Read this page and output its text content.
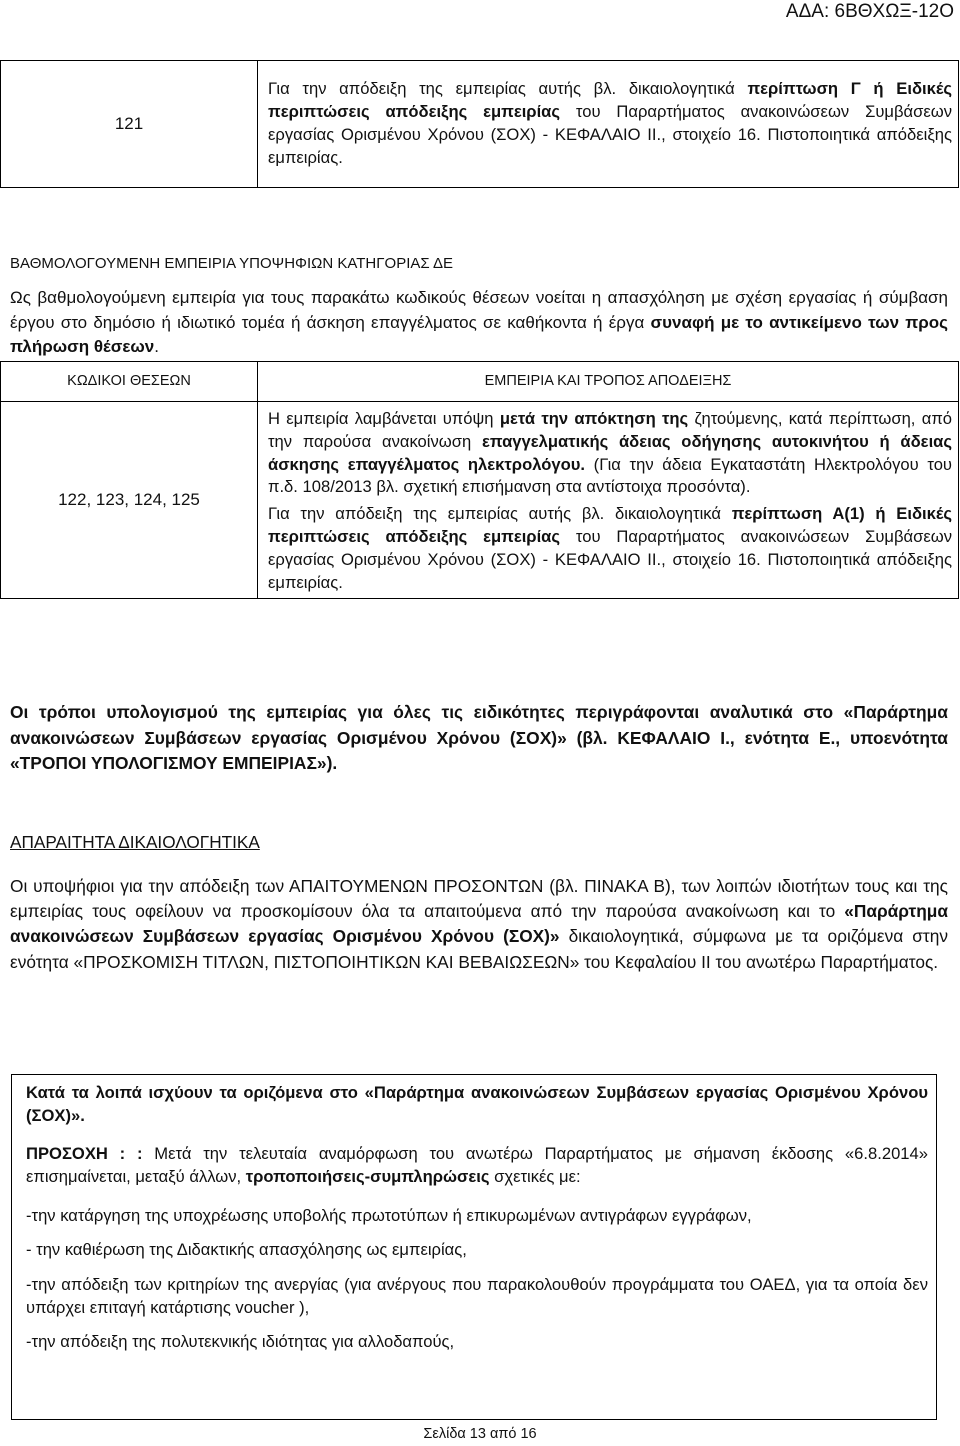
ΑΔΑ: 6ΒΘΧΩΞ-12Ο
121	Για την απόδειξη της εμπειρίας αυτής βλ. δικαιολογητικά περίπτωση Γ ή Ειδικές περιπτώσεις απόδειξης εμπειρίας του Παραρτήματος ανακοινώσεων Συμβάσεων εργασίας Ορισμένου Χρόνου (ΣΟΧ) - ΚΕΦΑΛΑΙΟ ΙΙ., στοιχείο 16. Πιστοποιητικά απόδειξης εμπειρίας.
ΒΑΘΜΟΛΟΓΟΥΜΕΝΗ ΕΜΠΕΙΡΙΑ ΥΠΟΨΗΦΙΩΝ ΚΑΤΗΓΟΡΙΑΣ ΔΕ
Ως βαθμολογούμενη εμπειρία για τους παρακάτω κωδικούς θέσεων νοείται η απασχόληση με σχέση εργασίας ή σύμβαση έργου στο δημόσιο ή ιδιωτικό τομέα ή άσκηση επαγγέλματος σε καθήκοντα ή έργα συναφή με το αντικείμενο των προς πλήρωση θέσεων.
ΚΩΔΙΚΟΙ ΘΕΣΕΩΝ	ΕΜΠΕΙΡΙΑ ΚΑΙ ΤΡΟΠΟΣ ΑΠΟΔΕΙΞΗΣ
122, 123, 124, 125	Η εμπειρία λαμβάνεται υπόψη μετά την απόκτηση της ζητούμενης, κατά περίπτωση, από την παρούσα ανακοίνωση επαγγελματικής άδειας οδήγησης αυτοκινήτου ή άδειας άσκησης επαγγέλματος ηλεκτρολόγου. (Για την άδεια Εγκαταστάτη Ηλεκτρολόγου του π.δ. 108/2013 βλ. σχετική επισήμανση στα αντίστοιχα προσόντα).

Για την απόδειξη της εμπειρίας αυτής βλ. δικαιολογητικά περίπτωση Α(1) ή Ειδικές περιπτώσεις απόδειξης εμπειρίας του Παραρτήματος ανακοινώσεων Συμβάσεων εργασίας Ορισμένου Χρόνου (ΣΟΧ) - ΚΕΦΑΛΑΙΟ ΙΙ., στοιχείο 16. Πιστοποιητικά απόδειξης εμπειρίας.

Οι τρόποι υπολογισμού της εμπειρίας για όλες τις ειδικότητες περιγράφονται αναλυτικά στο «Παράρτημα ανακοινώσεων Συμβάσεων εργασίας Ορισμένου Χρόνου (ΣΟΧ)» (βλ. ΚΕΦΑΛΑΙΟ Ι., ενότητα Ε., υποενότητα «ΤΡΟΠΟΙ ΥΠΟΛΟΓΙΣΜΟΥ ΕΜΠΕΙΡΙΑΣ»).
ΑΠΑΡΑΙΤΗΤΑ ΔΙΚΑΙΟΛΟΓΗΤΙΚΑ
Οι υποψήφιοι για την απόδειξη των ΑΠΑΙΤΟΥΜΕΝΩΝ ΠΡΟΣΟΝΤΩΝ (βλ. ΠΙΝΑΚΑ Β), των λοιπών ιδιοτήτων τους και της εμπειρίας τους οφείλουν να προσκομίσουν όλα τα απαιτούμενα από την παρούσα ανακοίνωση και το «Παράρτημα ανακοινώσεων Συμβάσεων εργασίας Ορισμένου Χρόνου (ΣΟΧ)» δικαιολογητικά, σύμφωνα με τα οριζόμενα στην ενότητα «ΠΡΟΣΚΟΜΙΣΗ ΤΙΤΛΩΝ, ΠΙΣΤΟΠΟΙΗΤΙΚΩΝ ΚΑΙ ΒΕΒΑΙΩΣΕΩΝ» του Κεφαλαίου ΙΙ του ανωτέρω Παραρτήματος.

Κατά τα λοιπά ισχύουν τα οριζόμενα στο «Παράρτημα ανακοινώσεων Συμβάσεων εργασίας Ορισμένου Χρόνου (ΣΟΧ)».

ΠΡΟΣΟΧΗ : : Μετά την τελευταία αναμόρφωση του ανωτέρω Παραρτήματος με σήμανση έκδοσης «6.8.2014» επισημαίνεται, μεταξύ άλλων, τροποποιήσεις-συμπληρώσεις σχετικές με:

-την κατάργηση της υποχρέωσης υποβολής πρωτοτύπων ή επικυρωμένων αντιγράφων εγγράφων,

- την καθιέρωση της Διδακτικής απασχόλησης ως εμπειρίας,

-την απόδειξη των κριτηρίων της ανεργίας (για ανέργους που παρακολουθούν προγράμματα του ΟΑΕΔ, για τα οποία δεν υπάρχει επιταγή κατάρτισης voucher ),

-την απόδειξη της πολυτεκνικής ιδιότητας για αλλοδαπούς,

Σελίδα 13 από 16
